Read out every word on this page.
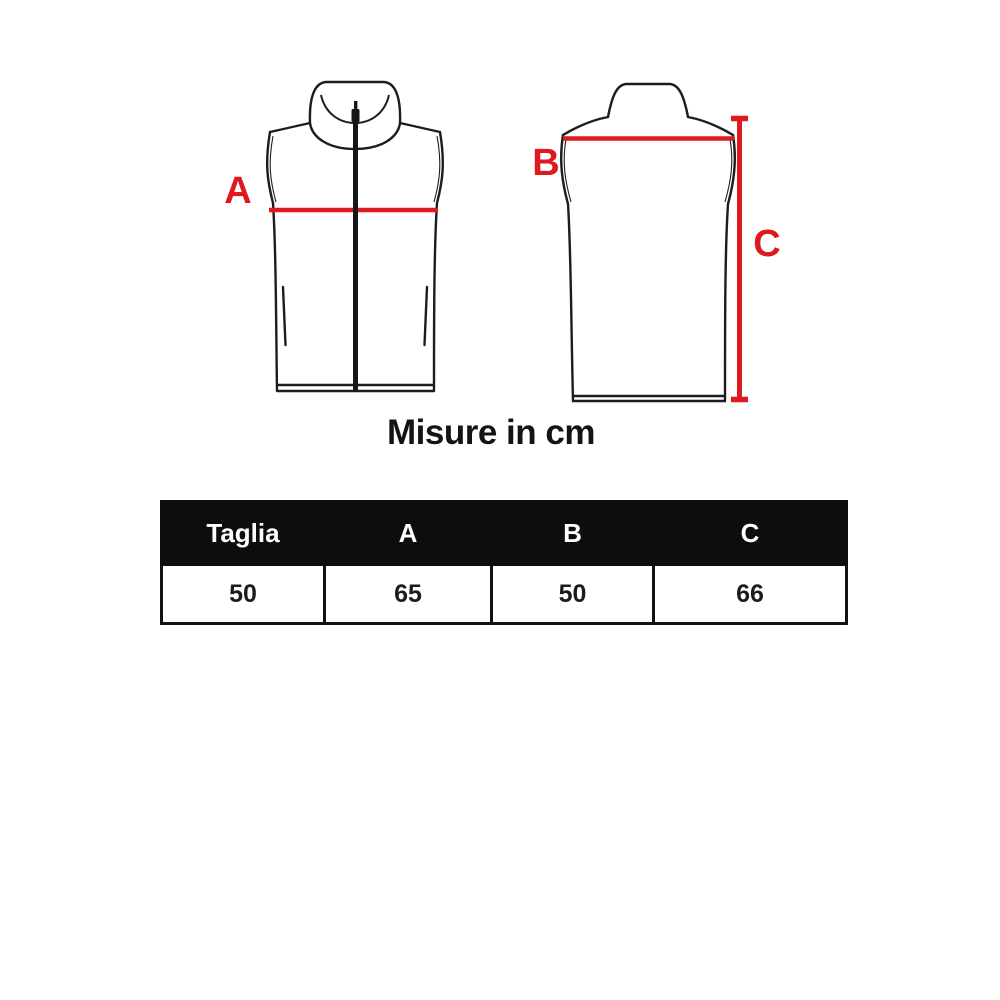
A
B
C
Misure in cm
Taglia	A	B	C
50	65	50	66
